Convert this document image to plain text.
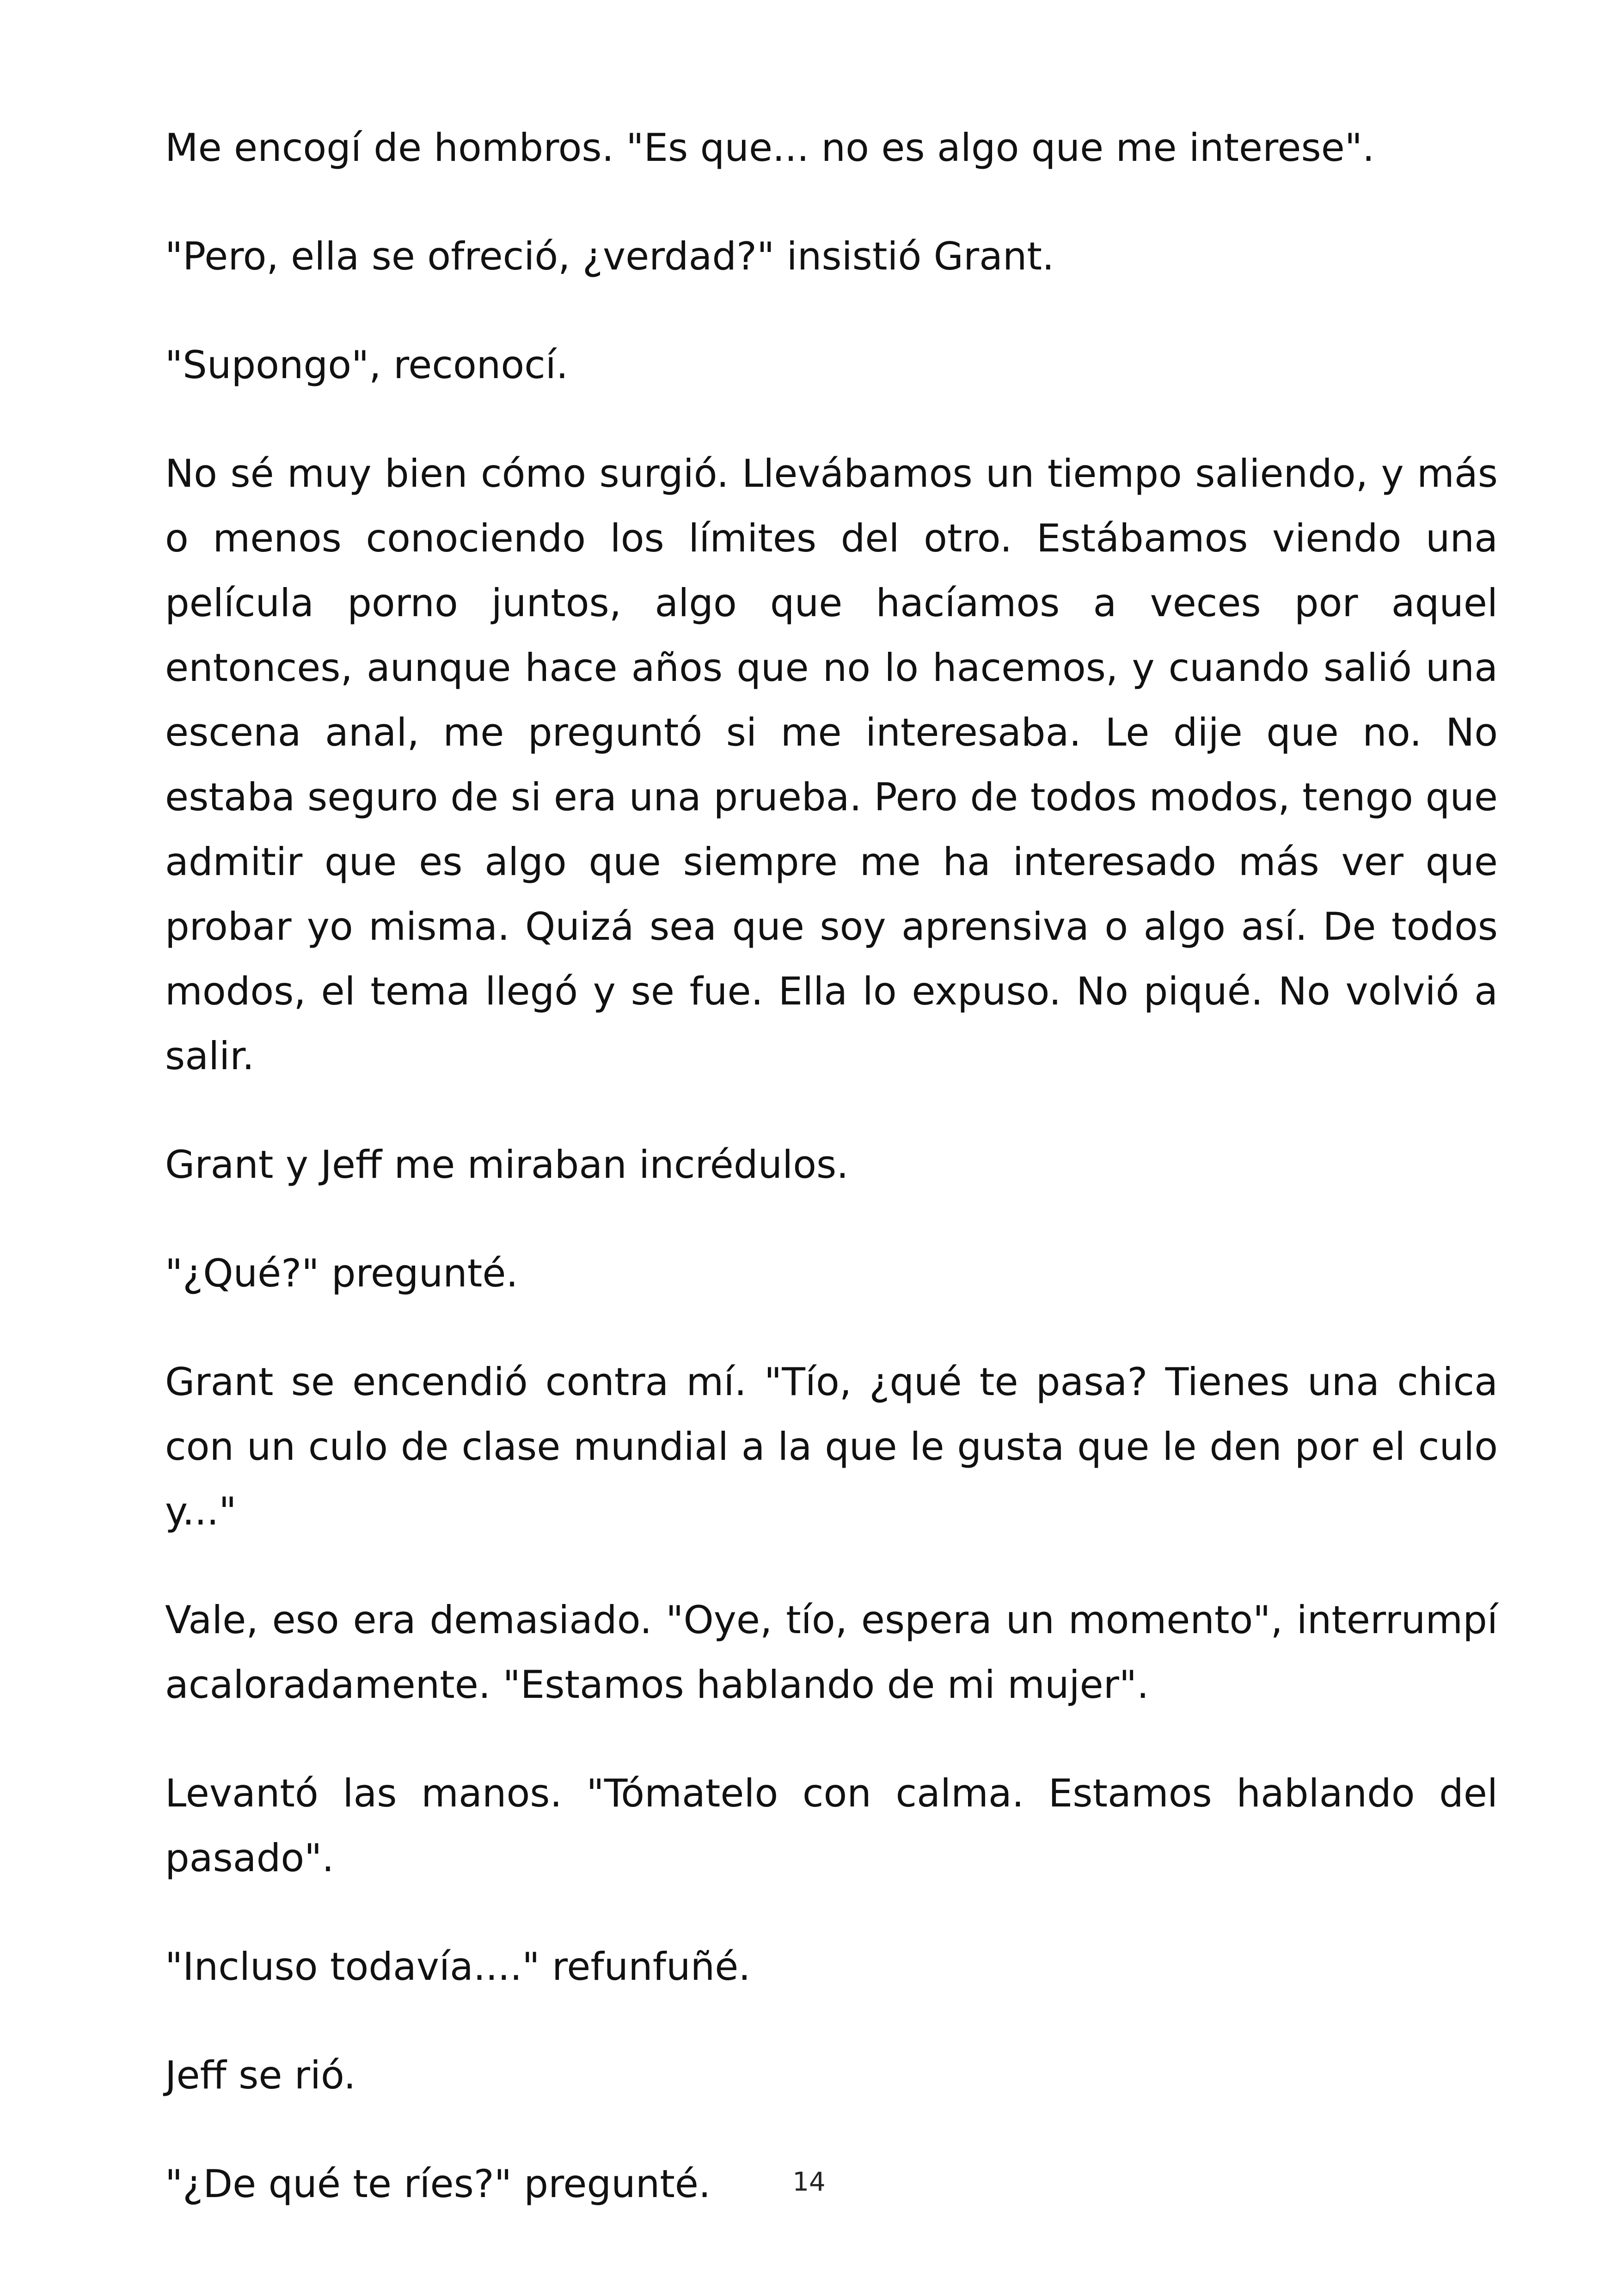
Me encogí de hombros. "Es que... no es algo que me interese".

"Pero, ella se ofreció, ¿verdad?" insistió Grant.

"Supongo", reconocí.

No sé muy bien cómo surgió. Llevábamos un tiempo saliendo, y más o menos conociendo los límites del otro. Estábamos viendo una película porno juntos, algo que hacíamos a veces por aquel entonces, aunque hace años que no lo hacemos, y cuando salió una escena anal, me preguntó si me interesaba. Le dije que no. No estaba seguro de si era una prueba. Pero de todos modos, tengo que admitir que es algo que siempre me ha interesado más ver que probar yo misma. Quizá sea que soy aprensiva o algo así. De todos modos, el tema llegó y se fue. Ella lo expuso. No piqué. No volvió a salir.

Grant y Jeff me miraban incrédulos.

"¿Qué?" pregunté.

Grant se encendió contra mí. "Tío, ¿qué te pasa? Tienes una chica con un culo de clase mundial a la que le gusta que le den por el culo y..."

Vale, eso era demasiado. "Oye, tío, espera un momento", interrumpí acaloradamente. "Estamos hablando de mi mujer".

Levantó las manos. "Tómatelo con calma. Estamos hablando del pasado".

"Incluso todavía...." refunfuñé.

Jeff se rió.

"¿De qué te ríes?" pregunté.	14
